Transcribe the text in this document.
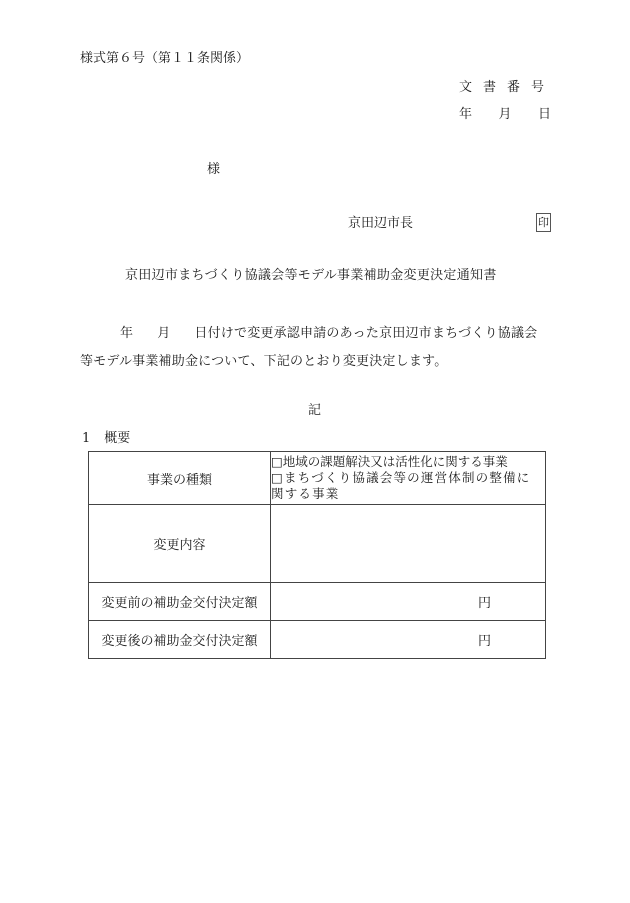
様式第６号（第１１条関係）
文書番号
年 月 日
様
京田辺市長	印
京田辺市まちづくり協議会等モデル事業補助金変更決定通知書
年 月 日付けで変更承認申請のあった京田辺市まちづくり協議会等モデル事業補助金について、下記のとおり変更決定します。
記
1 概要
事業の種類	□地域の課題解決又は活性化に関する事業
□まちづくり協議会等の運営体制の整備に関する事業

変更内容	
変更前の補助金交付決定額	円
変更後の補助金交付決定額	円
